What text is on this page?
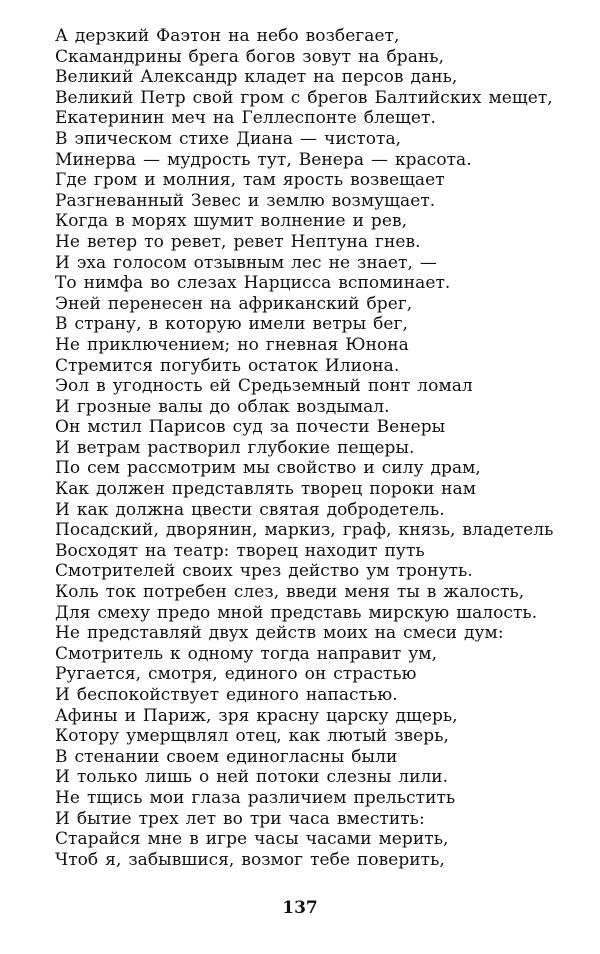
А дерзкий Фаэтон на небо возбегает,
Скамандрины брега богов зовут на брань,
Великий Александр кладет на персов дань,
Великий Петр свой гром с брегов Балтийских мещет,
Екатеринин меч на Геллеспонте блещет.
В эпическом стихе Диана — чистота,
Минерва — мудрость тут, Венера — красота.
Где гром и молния, там ярость возвещает
Разгневанный Зевес и землю возмущает.
Когда в морях шумит волнение и рев,
Не ветер то ревет, ревет Нептуна гнев.
И эха голосом отзывным лес не знает, —
То нимфа во слезах Нарцисса вспоминает.
Эней перенесен на африканский брег,
В страну, в которую имели ветры бег,
Не приключением; но гневная Юнона
Стремится погубить остаток Илиона.
Эол в угодность ей Средьземный понт ломал
И грозные валы до облак воздымал.
Он мстил Парисов суд за почести Венеры
И ветрам растворил глубокие пещеры.
По сем рассмотрим мы свойство и силу драм,
Как должен представлять творец пороки нам
И как должна цвести святая добродетель.
Посадский, дворянин, маркиз, граф, князь, владетель
Восходят на театр: творец находит путь
Смотрителей своих чрез действо ум тронуть.
Коль ток потребен слез, введи меня ты в жалость,
Для смеху предо мной представь мирскую шалость.
Не представляй двух действ моих на смеси дум:
Смотритель к одному тогда направит ум,
Ругается, смотря, единого он страстью
И беспокойствует единого напастью.
Афины и Париж, зря красну царску дщерь,
Котору умерщвлял отец, как лютый зверь,
В стенании своем единогласны были
И только лишь о ней потоки слезны лили.
Не тщись мои глаза различием прельстить
И бытие трех лет во три часа вместить:
Старайся мне в игре часы часами мерить,
Чтоб я, забывшися, возмог тебе поверить,
137
